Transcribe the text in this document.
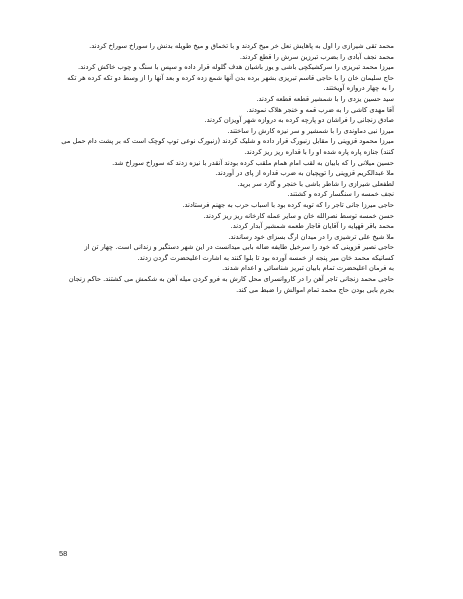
محمد تقی شیرازی را اول به پاهایش نعل خر میخ کردند و با تخماق و میخ طویله بدنش را سوراخ سوراخ کردند.

محمد نجف آبادی را بضرب تبرزین سرش را قطع کردند.

میرزا محمد تبریزی را سرکشیکچی باشی و یوز باشیان هدف گلوله قرار داده و سپس با سنگ و چوب خاکش کردند.

حاج سلیمان خان را با حاجی قاسم تبریزی بشهر برده بدن آنها شمع زده کرده و بعد آنها را از وسط دو تکه کرده هر تکه را به چهار دروازه آویختند.

سید حسین یزدی را با شمشیر قطعه قطعه کردند.

آقا مهدی کاشی را به ضرب قمه و خنجر هلاک نمودند.

صادق زنجانی را فراشان دو پارچه کرده به دروازه شهر آویزان کردند.

میرزا نبی دماوندی را با شمشیر و سر نیزه کارش را ساختند.

میرزا محمود قزوینی را مقابل زنبورک قرار داده و شلیک کردند (زنبورک نوعی توپ کوچک است که بر پشت دام حمل می کنند) جنازه پاره پاره شده او را با قداره ریز ریز کردند.

حسین میلانی را که بابیان به لقب امام همام ملقب کرده بودند آنقدر با نیزه زدند که سوراخ سوراخ شد.

ملا عبدالکریم قزوینی را توپچیان به ضرب قداره از پای در آوردند.

لطفعلی شیرازی را شاطر باشی با خنجر و گارد سر برید.

نجف خمسه را سنگسار کرده و کشتند.

حاجی میرزا جانی تاجر را که توبه کرده بود با اسباب حرب به جهنم فرستادند.

حسن خمسه توسط نصرالله خان و سایر عمله کارخانه ریز ریز کردند.

محمد باقر قهپایه را آقایان قاجار طعمه شمشیر آبدار کردند.

ملا شیخ علی ترشیزی را در میدان ارگ بسزای خود رساندند.

حاجی نصیر قزوینی که خود را سرخیل طایفه ضاله بابی میدانست در این شهر دستگیر و زندانی است. چهار تن از کسانیکه محمد خان میر پنجه از خمسه آورده بود تا بلوا کنند به اشارت اعلیحضرت گردن زدند.

به فرمان اعلیحضرت تمام بابیان تبریز شناسائی و اعدام شدند.

حاجی محمد زنجانی تاجر آهن را در کاروانسرای محل کارش به فرو کردن میله آهن به شکمش می کشتند. حاکم زنجان بجرم بابی بودن حاج محمد تمام اموالش را ضبط می کند.

58
